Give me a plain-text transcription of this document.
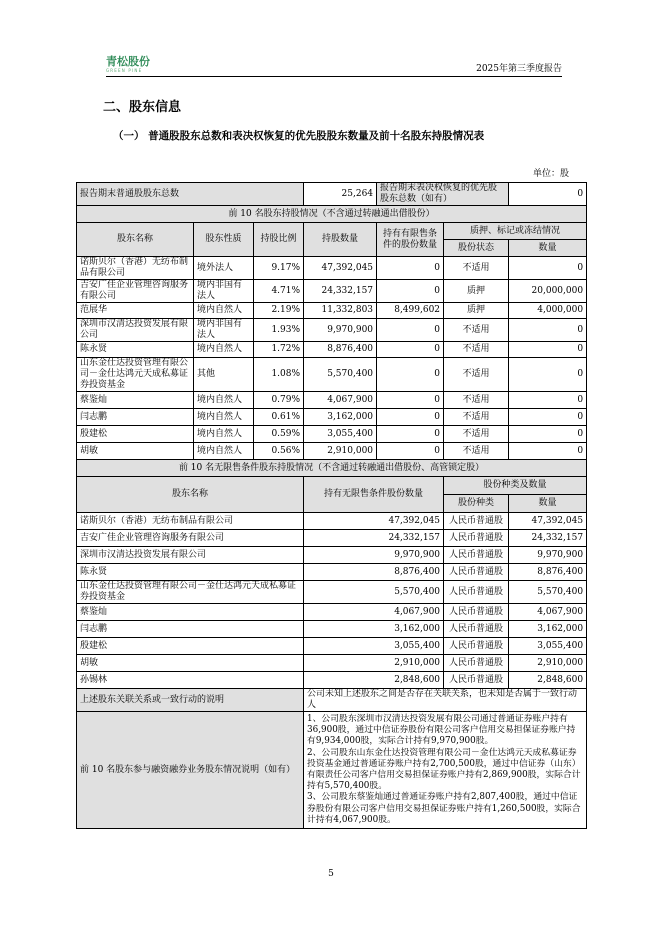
青松股份
GREEN PINE	2025年第三季度报告
二、股东信息
（一） 普通股股东总数和表决权恢复的优先股股东数量及前十名股东持股情况表
单位：股
报告期末普通股股东总数			25,264	报告期末表决权恢复的优先股股东总数（如有）		0
前 10 名股东持股情况（不含通过转融通出借股份）						
股东名称	股东性质	持股比例	持股数量	持有有限售条件的股份数量	质押、标记或冻结情况	
					股份状态	数量
诺斯贝尔（香港）无纺布制品有限公司	境外法人	9.17%	47,392,045	0	不适用	0
吉安广佳企业管理咨询服务有限公司	境内非国有法人	4.71%	24,332,157	0	质押	20,000,000
范展华	境内自然人	2.19%	11,332,803	8,499,602	质押	4,000,000
深圳市汉清达投资发展有限公司	境内非国有法人	1.93%	9,970,900	0	不适用	0
陈永贤	境内自然人	1.72%	8,876,400	0	不适用	0
山东金仕达投资管理有限公司－金仕达鸿元天成私募证券投资基金	其他	1.08%	5,570,400	0	不适用	0
蔡鉴灿	境内自然人	0.79%	4,067,900	0	不适用	0
闫志鹏	境内自然人	0.61%	3,162,000	0	不适用	0
殷建松	境内自然人	0.59%	3,055,400	0	不适用	0
胡敏	境内自然人	0.56%	2,910,000	0	不适用	0
前 10 名无限售条件股东持股情况（不含通过转融通出借股份、高管锁定股）						
股东名称			持有无限售条件股份数量		股份种类及数量	
					股份种类	数量
诺斯贝尔（香港）无纺布制品有限公司			47,392,045		人民币普通股	47,392,045
吉安广佳企业管理咨询服务有限公司			24,332,157		人民币普通股	24,332,157
深圳市汉清达投资发展有限公司			9,970,900		人民币普通股	9,970,900
陈永贤			8,876,400		人民币普通股	8,876,400
山东金仕达投资管理有限公司－金仕达鸿元天成私募证券投资基金			5,570,400		人民币普通股	5,570,400
蔡鉴灿			4,067,900		人民币普通股	4,067,900
闫志鹏			3,162,000		人民币普通股	3,162,000
殷建松			3,055,400		人民币普通股	3,055,400
胡敏			2,910,000		人民币普通股	2,910,000
孙锡林			2,848,600		人民币普通股	2,848,600
上述股东关联关系或一致行动的说明			公司未知上述股东之间是否存在关联关系，也未知是否属于一致行动人			
前 10 名股东参与融资融券业务股东情况说明（如有）			1、公司股东深圳市汉清达投资发展有限公司通过普通证券账户持有36,900股，通过中信证券股份有限公司客户信用交易担保证券账户持有9,934,000股，实际合计持有9,970,900股。
2、公司股东山东金仕达投资管理有限公司－金仕达鸿元天成私募证券投资基金通过普通证券账户持有2,700,500股，通过中信证券（山东）有限责任公司客户信用交易担保证券账户持有2,869,900股，实际合计持有5,570,400股。
3、公司股东蔡鉴灿通过普通证券账户持有2,807,400股，通过中信证券股份有限公司客户信用交易担保证券账户持有1,260,500股，实际合计持有4,067,900股。			
5
